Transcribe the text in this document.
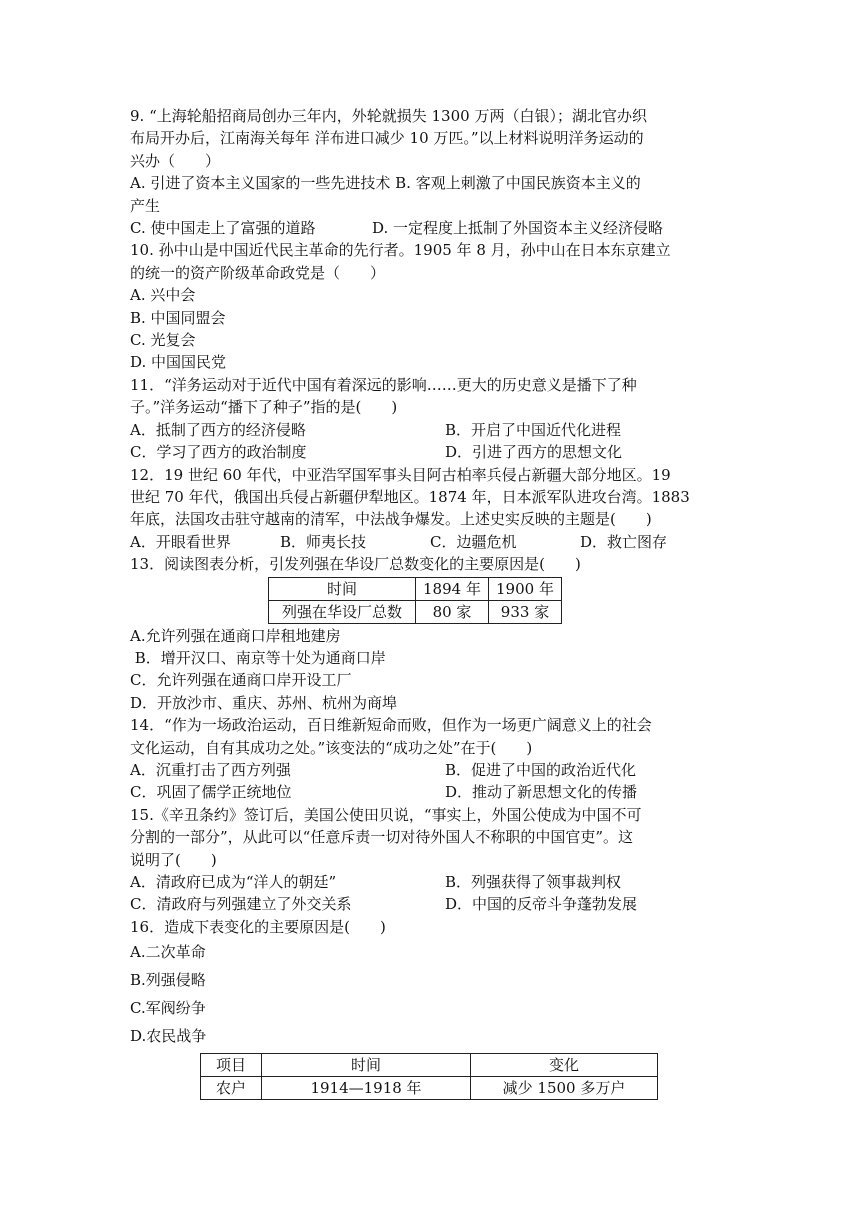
9. “上海轮船招商局创办三年内，外轮就损失 1300 万两（白银）；湖北官办织

布局开办后，江南海关每年 洋布进口减少 10 万匹。”以上材料说明洋务运动的

兴办（　　）

A. 引进了资本主义国家的一些先进技术 B. 客观上刺激了中国民族资本主义的

产生

C. 使中国走上了富强的道路	D. 一定程度上抵制了外国资本主义经济侵略

10. 孙中山是中国近代民主革命的先行者。1905 年 8 月，孙中山在日本东京建立

的统一的资产阶级革命政党是（　　）

A. 兴中会

B. 中国同盟会

C. 光复会

D. 中国国民党

11．“洋务运动对于近代中国有着深远的影响……更大的历史意义是播下了种

子。”洋务运动“播下了种子”指的是(　　)

A．抵制了西方的经济侵略	B．开启了中国近代化进程
C．学习了西方的政治制度	D．引进了西方的思想文化

12．19 世纪 60 年代，中亚浩罕国军事头目阿古柏率兵侵占新疆大部分地区。19

世纪 70 年代，俄国出兵侵占新疆伊犁地区。1874 年，日本派军队进攻台湾。1883

年底，法国攻击驻守越南的清军，中法战争爆发。上述史实反映的主题是(　　)

A．开眼看世界	B．师夷长技	C．边疆危机	D．救亡图存

13．阅读图表分析，引发列强在华设厂总数变化的主要原因是(　　)

时间	1894 年	1900 年
列强在华设厂总数	80 家	933 家

A.允许列强在通商口岸租地建房

B．增开汉口、南京等十处为通商口岸

C．允许列强在通商口岸开设工厂

D．开放沙市、重庆、苏州、杭州为商埠

14．“作为一场政治运动，百日维新短命而败，但作为一场更广阔意义上的社会

文化运动，自有其成功之处。”该变法的“成功之处”在于(　　)

A．沉重打击了西方列强	B．促进了中国的政治近代化
C．巩固了儒学正统地位	D．推动了新思想文化的传播

15.《辛丑条约》签订后，美国公使田贝说，“事实上，外国公使成为中国不可

分割的一部分”，从此可以“任意斥责一切对待外国人不称职的中国官吏”。这

说明了(　　)

A．清政府已成为“洋人的朝廷”	B．列强获得了领事裁判权
C．清政府与列强建立了外交关系	D．中国的反帝斗争蓬勃发展

16．造成下表变化的主要原因是(　　)

A.二次革命

B.列强侵略

C.军阀纷争

D.农民战争

项目	时间	变化
农户	1914—1918 年	减少 1500 多万户
